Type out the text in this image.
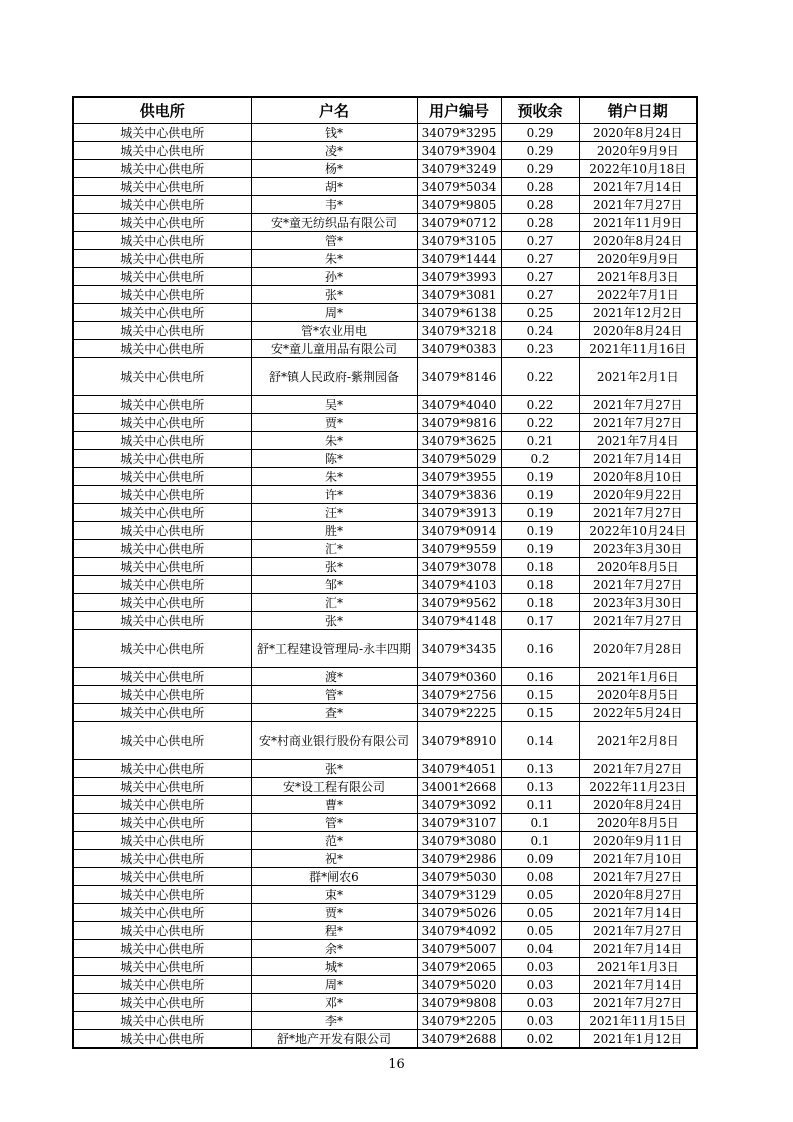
供电所	户名	用户编号	预收余	销户日期
城关中心供电所	钱*	34079*3295	0.29	2020年8月24日
城关中心供电所	凌*	34079*3904	0.29	2020年9月9日
城关中心供电所	杨*	34079*3249	0.29	2022年10月18日
城关中心供电所	胡*	34079*5034	0.28	2021年7月14日
城关中心供电所	韦*	34079*9805	0.28	2021年7月27日
城关中心供电所	安*童无纺织品有限公司	34079*0712	0.28	2021年11月9日
城关中心供电所	管*	34079*3105	0.27	2020年8月24日
城关中心供电所	朱*	34079*1444	0.27	2020年9月9日
城关中心供电所	孙*	34079*3993	0.27	2021年8月3日
城关中心供电所	张*	34079*3081	0.27	2022年7月1日
城关中心供电所	周*	34079*6138	0.25	2021年12月2日
城关中心供电所	管*农业用电	34079*3218	0.24	2020年8月24日
城关中心供电所	安*童儿童用品有限公司	34079*0383	0.23	2021年11月16日
城关中心供电所	舒*镇人民政府-紫荆园备	34079*8146	0.22	2021年2月1日
城关中心供电所	吴*	34079*4040	0.22	2021年7月27日
城关中心供电所	贾*	34079*9816	0.22	2021年7月27日
城关中心供电所	朱*	34079*3625	0.21	2021年7月4日
城关中心供电所	陈*	34079*5029	0.2	2021年7月14日
城关中心供电所	朱*	34079*3955	0.19	2020年8月10日
城关中心供电所	许*	34079*3836	0.19	2020年9月22日
城关中心供电所	汪*	34079*3913	0.19	2021年7月27日
城关中心供电所	胜*	34079*0914	0.19	2022年10月24日
城关中心供电所	汇*	34079*9559	0.19	2023年3月30日
城关中心供电所	张*	34079*3078	0.18	2020年8月5日
城关中心供电所	邹*	34079*4103	0.18	2021年7月27日
城关中心供电所	汇*	34079*9562	0.18	2023年3月30日
城关中心供电所	张*	34079*4148	0.17	2021年7月27日
城关中心供电所	舒*工程建设管理局-永丰四期	34079*3435	0.16	2020年7月28日
城关中心供电所	渡*	34079*0360	0.16	2021年1月6日
城关中心供电所	管*	34079*2756	0.15	2020年8月5日
城关中心供电所	查*	34079*2225	0.15	2022年5月24日
城关中心供电所	安*村商业银行股份有限公司	34079*8910	0.14	2021年2月8日
城关中心供电所	张*	34079*4051	0.13	2021年7月27日
城关中心供电所	安*设工程有限公司	34001*2668	0.13	2022年11月23日
城关中心供电所	曹*	34079*3092	0.11	2020年8月24日
城关中心供电所	管*	34079*3107	0.1	2020年8月5日
城关中心供电所	范*	34079*3080	0.1	2020年9月11日
城关中心供电所	祝*	34079*2986	0.09	2021年7月10日
城关中心供电所	群*闸农6	34079*5030	0.08	2021年7月27日
城关中心供电所	束*	34079*3129	0.05	2020年8月27日
城关中心供电所	贾*	34079*5026	0.05	2021年7月14日
城关中心供电所	程*	34079*4092	0.05	2021年7月27日
城关中心供电所	余*	34079*5007	0.04	2021年7月14日
城关中心供电所	城*	34079*2065	0.03	2021年1月3日
城关中心供电所	周*	34079*5020	0.03	2021年7月14日
城关中心供电所	邓*	34079*9808	0.03	2021年7月27日
城关中心供电所	李*	34079*2205	0.03	2021年11月15日
城关中心供电所	舒*地产开发有限公司	34079*2688	0.02	2021年1月12日
16
